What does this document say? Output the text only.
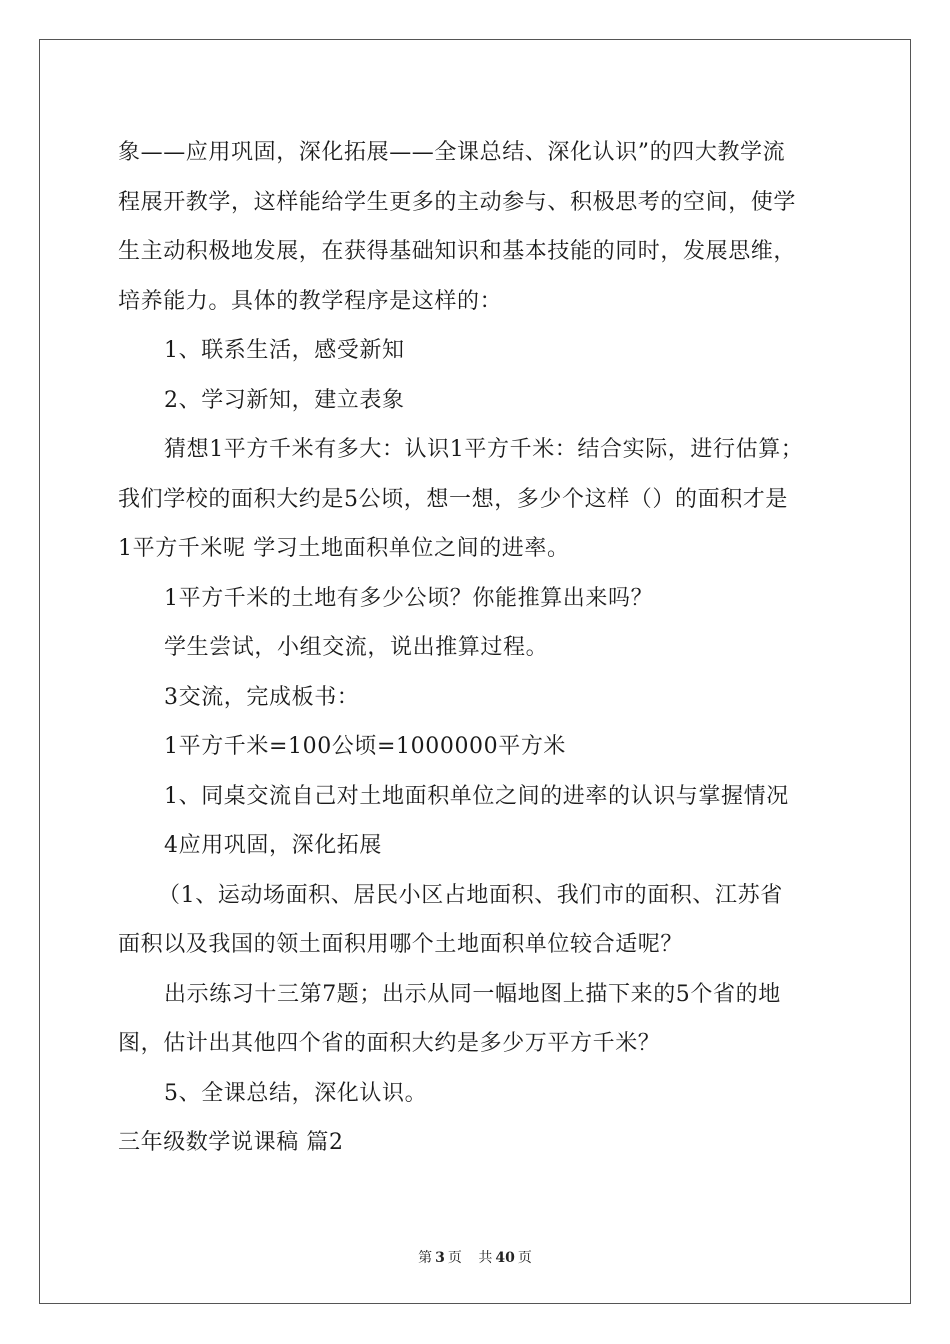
象——应用巩固，深化拓展——全课总结、深化认识”的四大教学流
程展开教学，这样能给学生更多的主动参与、积极思考的空间，使学
生主动积极地发展，在获得基础知识和基本技能的同时，发展思维，
培养能力。具体的教学程序是这样的：
1、联系生活，感受新知
2、学习新知，建立表象
猜想1平方千米有多大：认识1平方千米：结合实际，进行估算；
我们学校的面积大约是5公顷，想一想，多少个这样（）的面积才是
1平方千米呢 学习土地面积单位之间的进率。
1平方千米的土地有多少公顷？你能推算出来吗？
学生尝试，小组交流，说出推算过程。
3交流，完成板书：
1平方千米=100公顷=1000000平方米
1、同桌交流自己对土地面积单位之间的进率的认识与掌握情况
4应用巩固，深化拓展
（1、运动场面积、居民小区占地面积、我们市的面积、江苏省
面积以及我国的领土面积用哪个土地面积单位较合适呢？
出示练习十三第7题；出示从同一幅地图上描下来的5个省的地
图，估计出其他四个省的面积大约是多少万平方千米？
5、全课总结，深化认识。
三年级数学说课稿 篇2
第 3 页 共 40 页
